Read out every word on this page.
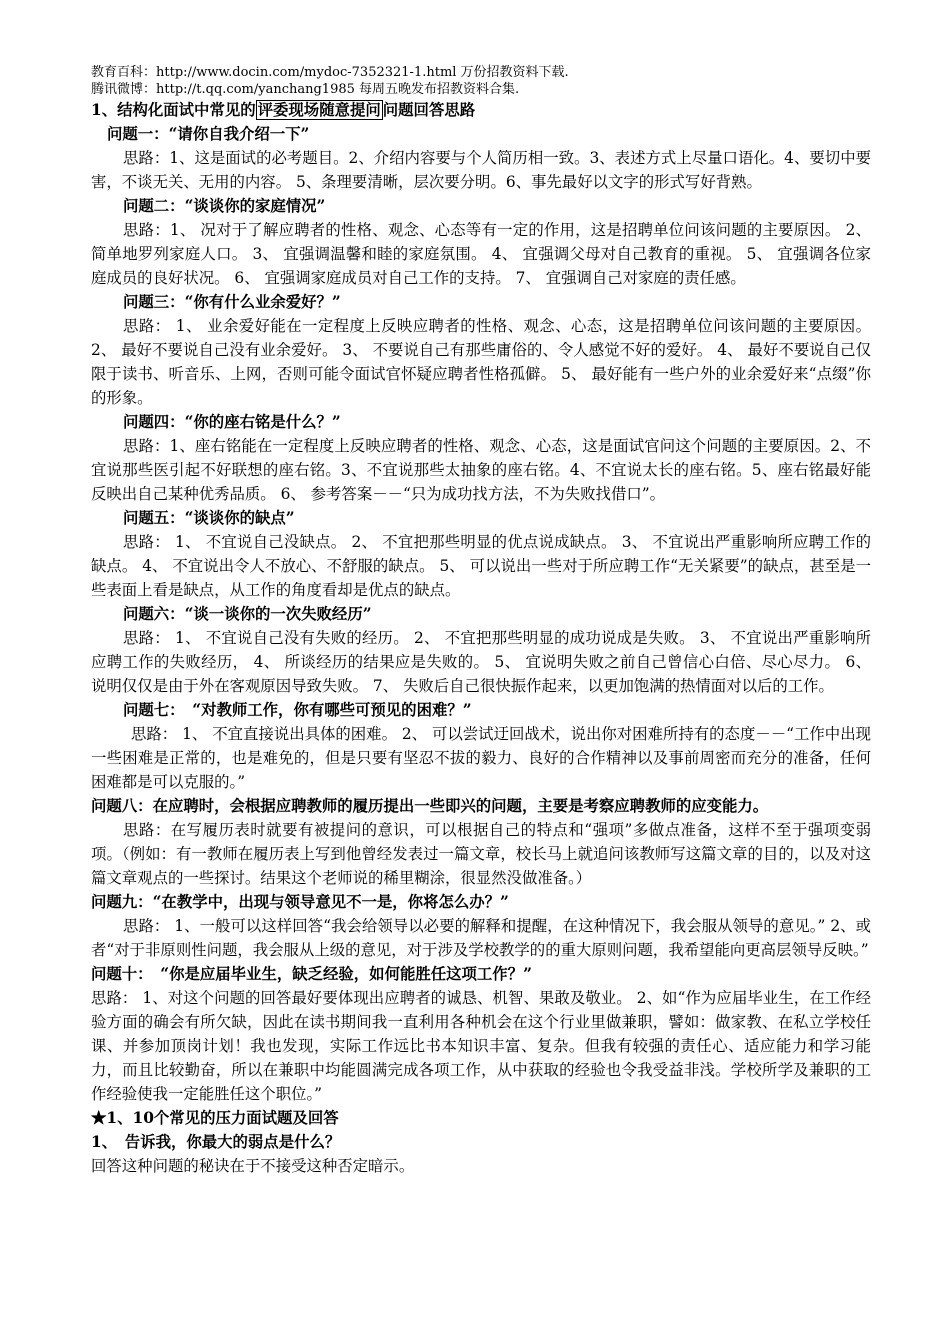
教育百科：http://www.docin.com/mydoc-7352321-1.html 万份招教资料下载.

腾讯微博：http://t.qq.com/yanchang1985 每周五晚发布招教资料合集.

1、结构化面试中常见的 评委现场随意提问 问题回答思路

问题一：“请你自我介绍一下”

思路：1、这是面试的必考题目。2、介绍内容要与个人简历相一致。3、表述方式上尽量口语化。4、要切中要害，不谈无关、无用的内容。 5、条理要清晰，层次要分明。6、事先最好以文字的形式写好背熟。

问题二：“谈谈你的家庭情况”

思路：1、 况对于了解应聘者的性格、观念、心态等有一定的作用，这是招聘单位问该问题的主要原因。 2、 简单地罗列家庭人口。 3、 宜强调温馨和睦的家庭氛围。 4、 宜强调父母对自己教育的重视。 5、 宜强调各位家庭成员的良好状况。 6、 宜强调家庭成员对自己工作的支持。 7、 宜强调自己对家庭的责任感。

问题三：“你有什么业余爱好？”

思路： 1、 业余爱好能在一定程度上反映应聘者的性格、观念、心态，这是招聘单位问该问题的主要原因。 2、 最好不要说自己没有业余爱好。 3、 不要说自己有那些庸俗的、令人感觉不好的爱好。 4、 最好不要说自己仅限于读书、听音乐、上网，否则可能令面试官怀疑应聘者性格孤僻。 5、 最好能有一些户外的业余爱好来“点缀”你的形象。

问题四：“你的座右铭是什么？”

思路：1、座右铭能在一定程度上反映应聘者的性格、观念、心态，这是面试官问这个问题的主要原因。2、不宜说那些医引起不好联想的座右铭。3、不宜说那些太抽象的座右铭。4、不宜说太长的座右铭。5、座右铭最好能反映出自己某种优秀品质。 6、 参考答案－－“只为成功找方法，不为失败找借口”。

问题五：“谈谈你的缺点”

思路： 1、 不宜说自己没缺点。 2、 不宜把那些明显的优点说成缺点。 3、 不宜说出严重影响所应聘工作的缺点。 4、 不宜说出令人不放心、不舒服的缺点。 5、 可以说出一些对于所应聘工作“无关紧要”的缺点，甚至是一些表面上看是缺点，从工作的角度看却是优点的缺点。

问题六：“谈一谈你的一次失败经历”

思路： 1、 不宜说自己没有失败的经历。 2、 不宜把那些明显的成功说成是失败。 3、 不宜说出严重影响所应聘工作的失败经历， 4、 所谈经历的结果应是失败的。 5、 宜说明失败之前自己曾信心白倍、尽心尽力。 6、 说明仅仅是由于外在客观原因导致失败。 7、 失败后自己很快振作起来，以更加饱满的热情面对以后的工作。

问题七：　“对教师工作，你有哪些可预见的困难？”

思路： 1、 不宜直接说出具体的困难。 2、 可以尝试迂回战术，说出你对困难所持有的态度－－“工作中出现一些困难是正常的，也是难免的，但是只要有坚忍不拔的毅力、良好的合作精神以及事前周密而充分的准备，任何困难都是可以克服的。”

问题八：在应聘时，会根据应聘教师的履历提出一些即兴的问题，主要是考察应聘教师的应变能力。

思路：在写履历表时就要有被提问的意识，可以根据自己的特点和“强项”多做点准备，这样不至于强项变弱项。（例如：有一教师在履历表上写到他曾经发表过一篇文章，校长马上就追问该教师写这篇文章的目的，以及对这篇文章观点的一些探讨。结果这个老师说的稀里糊涂，很显然没做准备。）

问题九：“在教学中，出现与领导意见不一是，你将怎么办？”

思路： 1、一般可以这样回答“我会给领导以必要的解释和提醒，在这种情况下，我会服从领导的意见。” 2、或者“对于非原则性问题，我会服从上级的意见，对于涉及学校教学的的重大原则问题，我希望能向更高层领导反映。”

问题十：　“你是应届毕业生，缺乏经验，如何能胜任这项工作？”

思路： 1、对这个问题的回答最好要体现出应聘者的诚恳、机智、果敢及敬业。 2、如“作为应届毕业生，在工作经验方面的确会有所欠缺，因此在读书期间我一直利用各种机会在这个行业里做兼职，譬如：做家教、在私立学校任课、并参加顶岗计划！我也发现，实际工作远比书本知识丰富、复杂。但我有较强的责任心、适应能力和学习能力，而且比较勤奋，所以在兼职中均能圆满完成各项工作，从中获取的经验也令我受益非浅。学校所学及兼职的工作经验使我一定能胜任这个职位。”

★1、10个常见的压力面试题及回答

1、　告诉我，你最大的弱点是什么？

回答这种问题的秘诀在于不接受这种否定暗示。
